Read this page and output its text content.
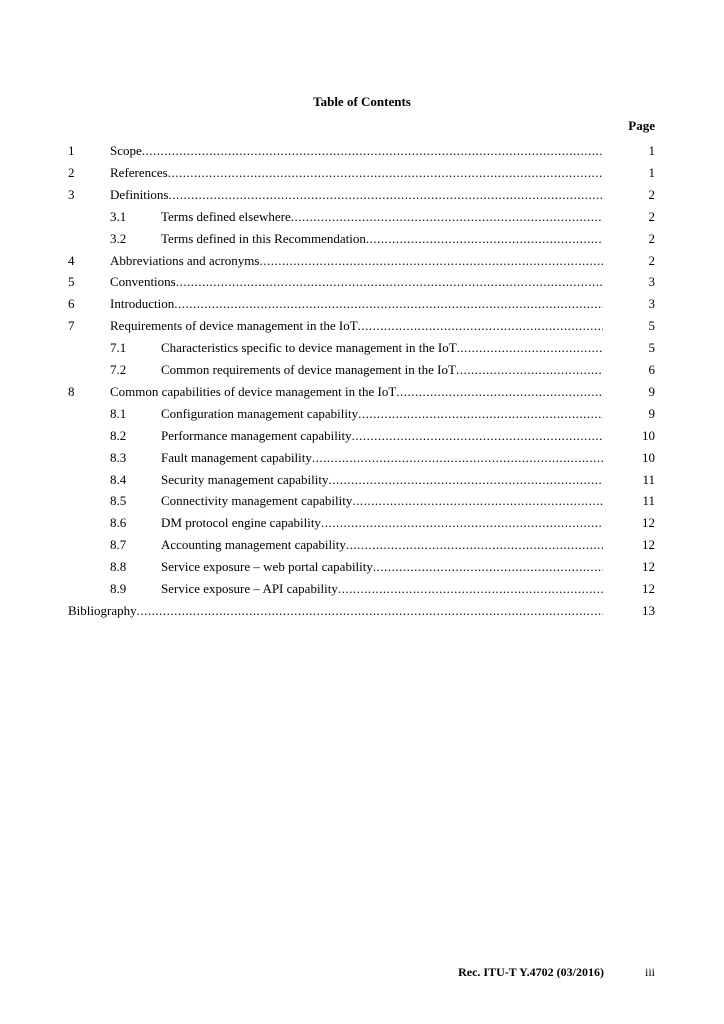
Table of Contents
Page
1	Scope .....	1
2	References .....	1
3	Definitions .....	2
3.1	Terms defined elsewhere .....	2
3.2	Terms defined in this Recommendation .....	2
4	Abbreviations and acronyms .....	2
5	Conventions .....	3
6	Introduction .....	3
7	Requirements of device management in the IoT .....	5
7.1	Characteristics specific to device management in the IoT .....	5
7.2	Common requirements of device management in the IoT .....	6
8	Common capabilities of device management in the IoT .....	9
8.1	Configuration management capability .....	9
8.2	Performance management capability .....	10
8.3	Fault management capability .....	10
8.4	Security management capability .....	11
8.5	Connectivity management capability .....	11
8.6	DM protocol engine capability .....	12
8.7	Accounting management capability .....	12
8.8	Service exposure – web portal capability .....	12
8.9	Service exposure – API capability .....	12
Bibliography .....	13
Rec. ITU-T Y.4702 (03/2016)	iii
